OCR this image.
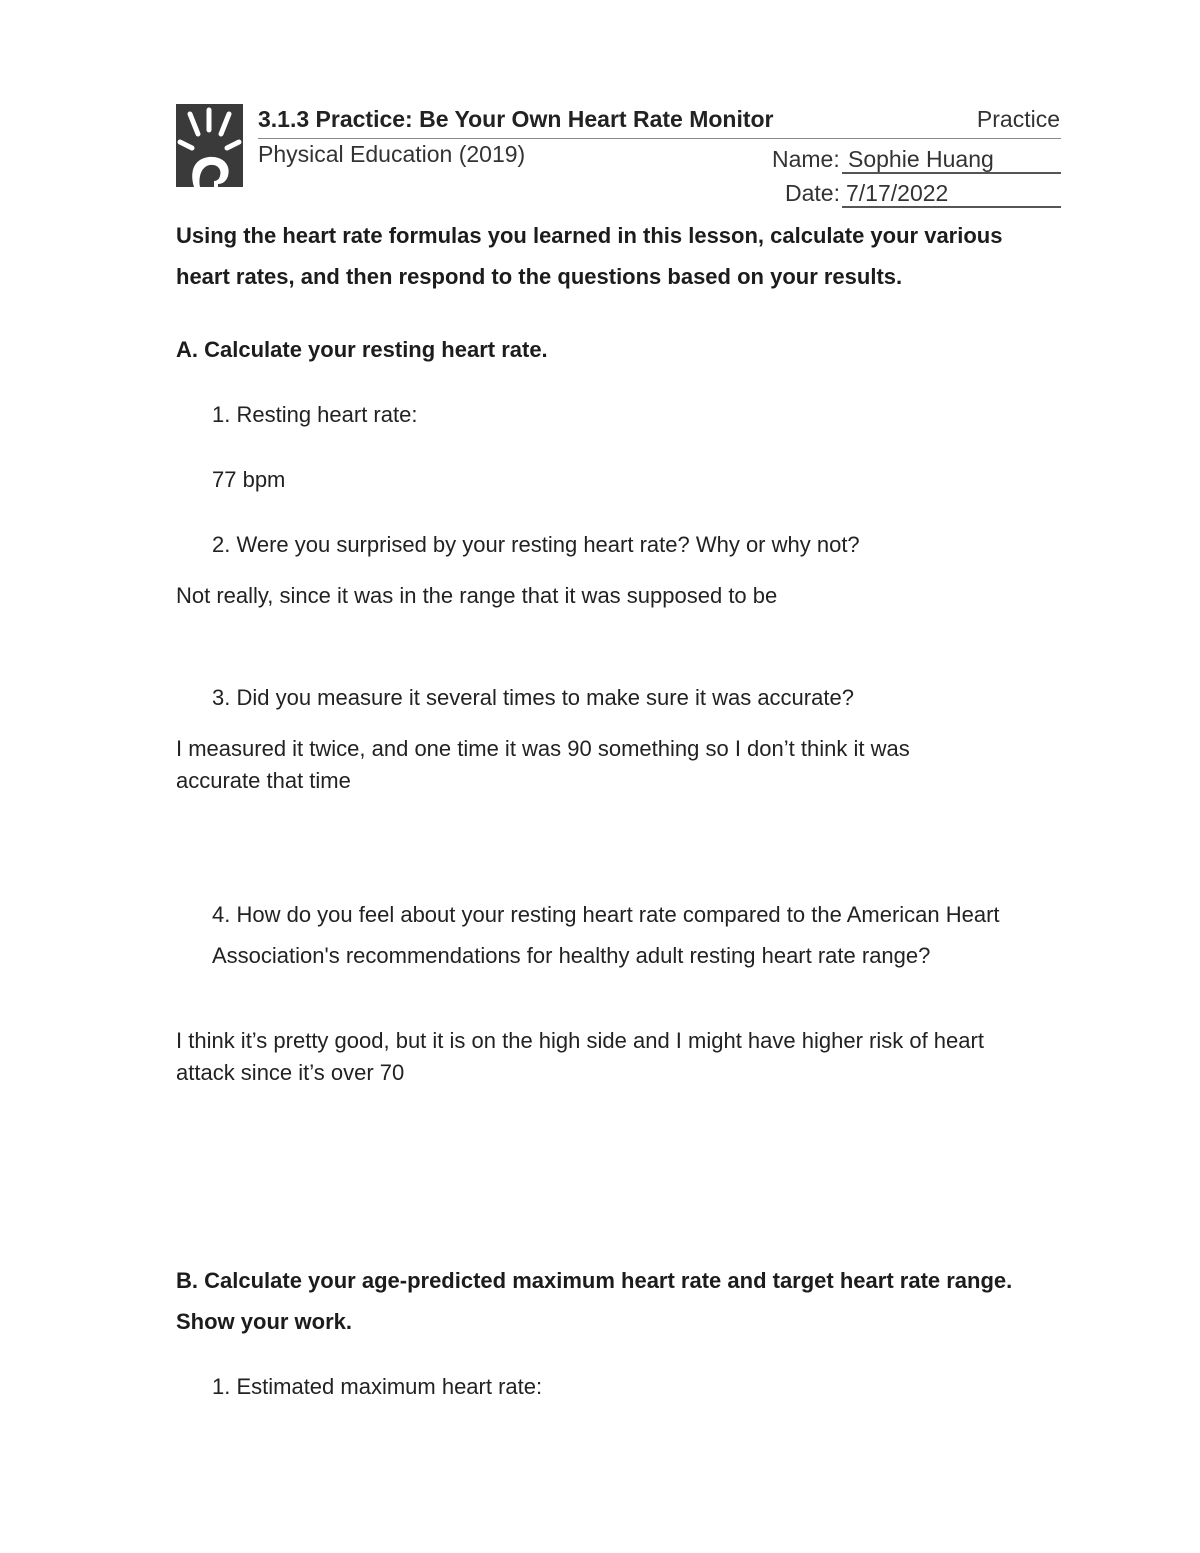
3.1.3 Practice: Be Your Own Heart Rate Monitor	Practice

Physical Education (2019)	Name: Sophie Huang

Date: 7/17/2022

Using the heart rate formulas you learned in this lesson, calculate your various

heart rates, and then respond to the questions based on your results.

A. Calculate your resting heart rate.

1. Resting heart rate:

77 bpm

2. Were you surprised by your resting heart rate? Why or why not?

Not really, since it was in the range that it was supposed to be

3. Did you measure it several times to make sure it was accurate?

I measured it twice, and one time it was 90 something so I don’t think it was

accurate that time

4. How do you feel about your resting heart rate compared to the American Heart

Association's recommendations for healthy adult resting heart rate range?

I think it’s pretty good, but it is on the high side and I might have higher risk of heart

attack since it’s over 70

B. Calculate your age-predicted maximum heart rate and target heart rate range.

Show your work.

1. Estimated maximum heart rate:
